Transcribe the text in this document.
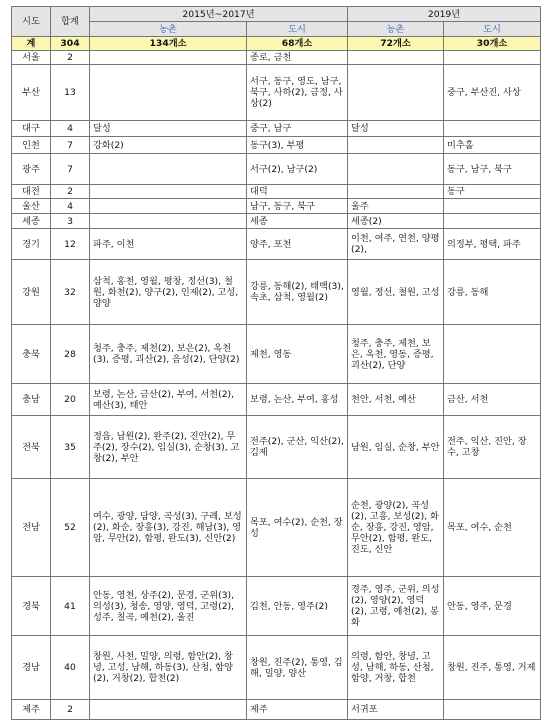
시도	합계	2015년~2017년		2019년	
		농촌	도시	농촌	도시
계	304	134개소	68개소	72개소	30개소
서울	2		종로, 금천		
부산	13		서구, 동구, 영도, 남구, 북구, 사하(2), 금정, 사상(2)		중구, 부산진, 사상
대구	4	달성	중구, 남구	달성	
인천	7	강화(2)	동구(3), 부평		미추홀
광주	7		서구(2), 남구(2)		동구, 남구, 북구
대전	2		대덕		동구
울산	4		남구, 동구, 북구	울주	
세종	3		세종	세종(2)	
경기	12	파주, 이천	양주, 포천	이천, 여주, 연천, 양평(2),	의정부, 평택, 파주
강원	32	삼척, 홍천, 영월, 평창, 정선(3), 철원, 화천(2), 양구(2), 인제(2), 고성, 양양	강릉, 동해(2), 태백(3), 속초, 삼척, 영월(2)	영월, 정선, 철원, 고성	강릉, 동해
충북	28	청주, 충주, 제천(2), 보은(2), 옥천(3), 증평, 괴산(2), 음성(2), 단양(2)	제천, 영동	청주, 충주, 제천, 보은, 옥천, 영동, 증평, 괴산(2), 단양	
충남	20	보령, 논산, 금산(2), 부여, 서천(2), 예산(3), 태안	보령, 논산, 부여, 홍성	천안, 서천, 예산	금산, 서천
전북	35	정읍, 남원(2), 완주(2), 진안(2), 무주(2), 장수(2), 임실(3), 순창(3), 고창(2), 부안	전주(2), 군산, 익산(2), 김제	남원, 임실, 순창, 부안	전주, 익산, 진안, 장수, 고창
전남	52	여수, 광양, 담양, 곡성(3), 구례, 보성(2), 화순, 장흥(3), 강진, 해남(3), 영암, 무안(2), 함평, 완도(3), 신안(2)	목포, 여수(2), 순천, 장성	순천, 광양(2), 곡성(2), 고흥, 보성(2), 화순, 장흥, 강진, 영암, 무안(2), 함평, 완도, 진도, 신안	목포, 여수, 순천
경북	41	안동, 영천, 상주(2), 문경, 군위(3), 의성(3), 청송, 영양, 영덕, 고령(2), 성주, 칠곡, 예천(2), 울진	김천, 안동, 영주(2)	경주, 영주, 군위, 의성(2), 영양(2), 영덕(2), 고령, 예천(2), 봉화	안동, 영주, 문경
경남	40	창원, 사천, 밀양, 의령, 함안(2), 창녕, 고성, 남해, 하동(3), 산청, 함양(2), 거창(2), 합천(2)	창원, 진주(2), 통영, 김해, 밀양, 양산	의령, 함안, 창녕, 고성, 남해, 하동, 산청, 함양, 거창, 합천	창원, 진주, 통영, 거제
제주	2		제주	서귀포	
